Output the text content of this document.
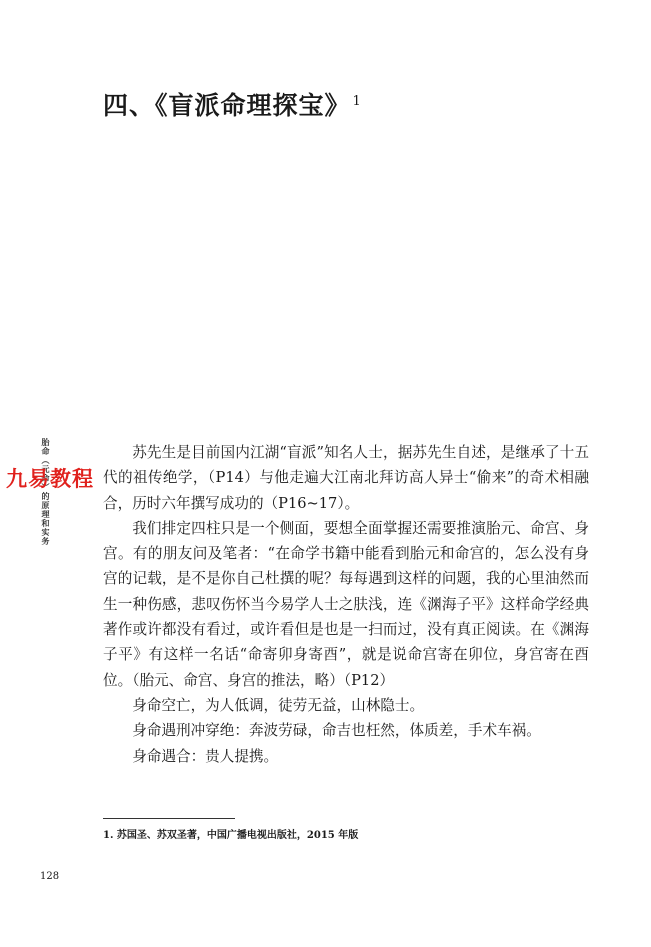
四、《盲派命理探宝》 $^1$
胎命（元命）的原理和实务
九易教程

苏先生是目前国内江湖“盲派”知名人士，据苏先生自述，是继承了十五代的祖传绝学，（P14）与他走遍大江南北拜访高人异士“偷来”的奇术相融合，历时六年撰写成功的（P16~17）。

我们排定四柱只是一个侧面，要想全面掌握还需要推演胎元、命宫、身宫。有的朋友问及笔者：“在命学书籍中能看到胎元和命宫的，怎么没有身宫的记载，是不是你自己杜撰的呢？每每遇到这样的问题，我的心里油然而生一种伤感，悲叹伤怀当今易学人士之肤浅，连《渊海子平》这样命学经典著作或许都没有看过，或许看但是也是一扫而过，没有真正阅读。在《渊海子平》有这样一名话“命寄卯身寄酉”，就是说命宫寄在卯位，身宫寄在酉位。（胎元、命宫、身宫的推法，略）（P12）

身命空亡，为人低调，徒劳无益，山林隐士。

身命遇刑冲穿绝：奔波劳碌，命吉也枉然，体质差，手术车祸。

身命遇合：贵人提携。

1. 苏国圣、苏双圣著，中国广播电视出版社，2015 年版
128
